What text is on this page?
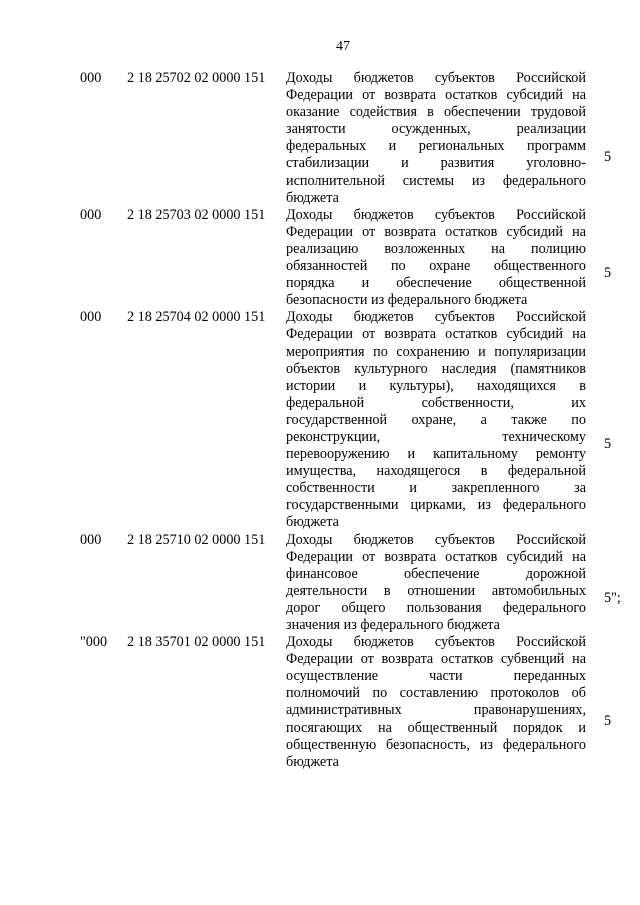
47
000 2 18 25702 02 0000 151 Доходы бюджетов субъектов Российской
Федерации от возврата остатков субсидий на
оказание содействия в обеспечении трудовой
занятости осужденных, реализации
федеральных и региональных программ
стабилизации и развития уголовно-
исполнительной системы из федерального
бюджета
5
000 2 18 25703 02 0000 151 Доходы бюджетов субъектов Российской
Федерации от возврата остатков субсидий на
реализацию возложенных на полицию
обязанностей по охране общественного
порядка и обеспечение общественной
безопасности из федерального бюджета
5
000 2 18 25704 02 0000 151 Доходы бюджетов субъектов Российской
Федерации от возврата остатков субсидий на
мероприятия по сохранению и популяризации
объектов культурного наследия (памятников
истории и культуры), находящихся в
федеральной собственности, их
государственной охране, а также по
реконструкции, техническому
перевооружению и капитальному ремонту
имущества, находящегося в федеральной
собственности и закрепленного за
государственными цирками, из федерального
бюджета
5
000 2 18 25710 02 0000 151 Доходы бюджетов субъектов Российской
Федерации от возврата остатков субсидий на
финансовое обеспечение дорожной
деятельности в отношении автомобильных
дорог общего пользования федерального
значения из федерального бюджета
5";
"000 2 18 35701 02 0000 151 Доходы бюджетов субъектов Российской
Федерации от возврата остатков субвенций на
осуществление части переданных
полномочий по составлению протоколов об
административных правонарушениях,
посягающих на общественный порядок и
общественную безопасность, из федерального
бюджета
5
